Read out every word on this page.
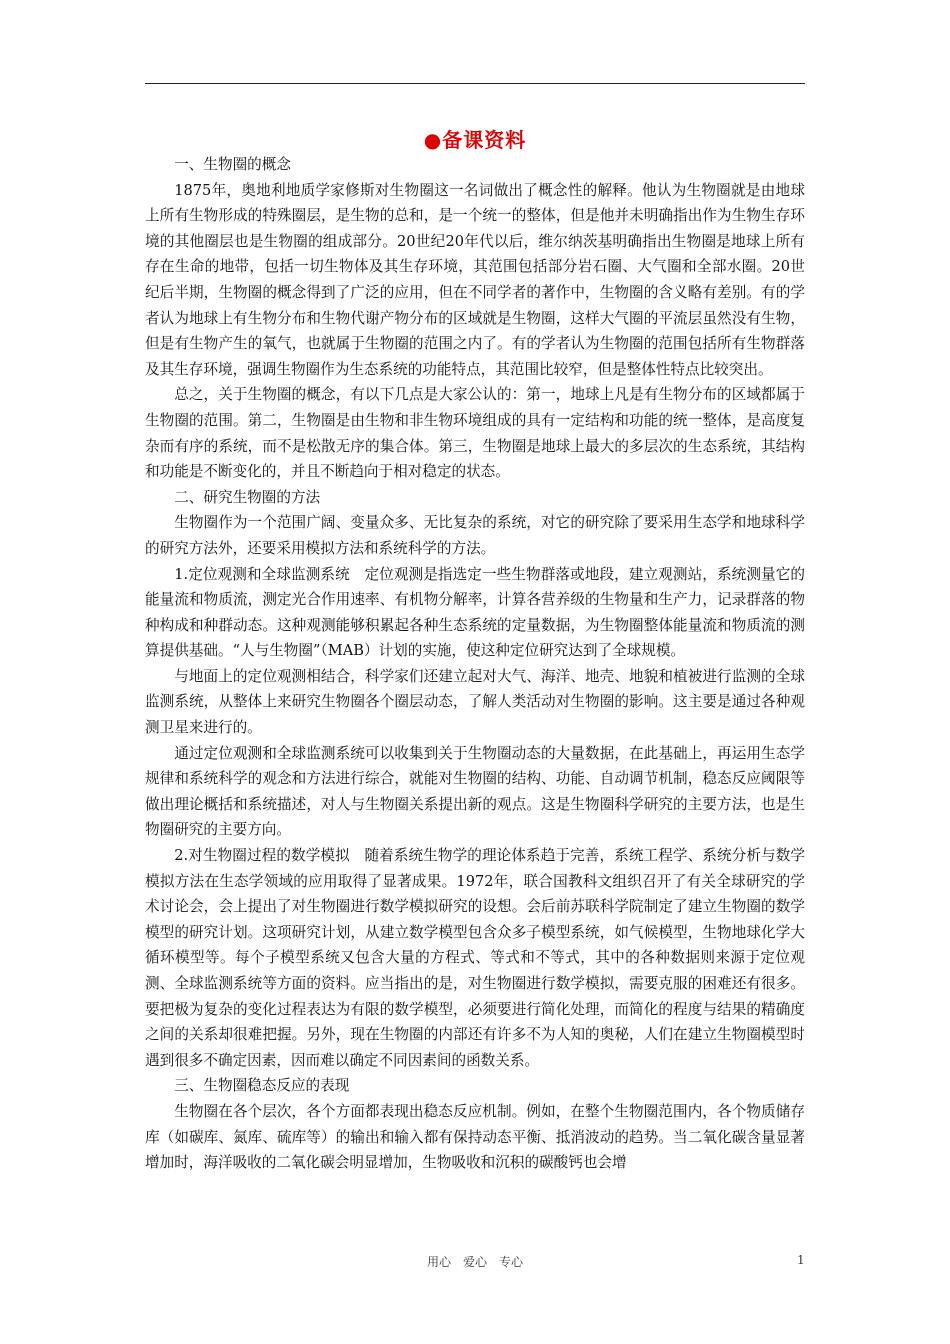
●备课资料
一、生物圈的概念

1875年，奥地利地质学家修斯对生物圈这一名词做出了概念性的解释。他认为生物圈就是由地球上所有生物形成的特殊圈层，是生物的总和，是一个统一的整体，但是他并未明确指出作为生物生存环境的其他圈层也是生物圈的组成部分。20世纪20年代以后，维尔纳茨基明确指出生物圈是地球上所有存在生命的地带，包括一切生物体及其生存环境，其范围包括部分岩石圈、大气圈和全部水圈。20世纪后半期，生物圈的概念得到了广泛的应用，但在不同学者的著作中，生物圈的含义略有差别。有的学者认为地球上有生物分布和生物代谢产物分布的区域就是生物圈，这样大气圈的平流层虽然没有生物，但是有生物产生的氧气，也就属于生物圈的范围之内了。有的学者认为生物圈的范围包括所有生物群落及其生存环境，强调生物圈作为生态系统的功能特点，其范围比较窄，但是整体性特点比较突出。

总之，关于生物圈的概念，有以下几点是大家公认的：第一，地球上凡是有生物分布的区域都属于生物圈的范围。第二，生物圈是由生物和非生物环境组成的具有一定结构和功能的统一整体，是高度复杂而有序的系统，而不是松散无序的集合体。第三，生物圈是地球上最大的多层次的生态系统，其结构和功能是不断变化的，并且不断趋向于相对稳定的状态。

二、研究生物圈的方法

生物圈作为一个范围广阔、变量众多、无比复杂的系统，对它的研究除了要采用生态学和地球科学的研究方法外，还要采用模拟方法和系统科学的方法。

1.定位观测和全球监测系统　定位观测是指选定一些生物群落或地段，建立观测站，系统测量它的能量流和物质流，测定光合作用速率、有机物分解率，计算各营养级的生物量和生产力，记录群落的物种构成和种群动态。这种观测能够积累起各种生态系统的定量数据，为生物圈整体能量流和物质流的测算提供基础。“人与生物圈”（MAB）计划的实施，使这种定位研究达到了全球规模。

与地面上的定位观测相结合，科学家们还建立起对大气、海洋、地壳、地貌和植被进行监测的全球监测系统，从整体上来研究生物圈各个圈层动态，了解人类活动对生物圈的影响。这主要是通过各种观测卫星来进行的。

通过定位观测和全球监测系统可以收集到关于生物圈动态的大量数据，在此基础上，再运用生态学规律和系统科学的观念和方法进行综合，就能对生物圈的结构、功能、自动调节机制，稳态反应阈限等做出理论概括和系统描述，对人与生物圈关系提出新的观点。这是生物圈科学研究的主要方法，也是生物圈研究的主要方向。

2.对生物圈过程的数学模拟　随着系统生物学的理论体系趋于完善，系统工程学、系统分析与数学模拟方法在生态学领域的应用取得了显著成果。1972年，联合国教科文组织召开了有关全球研究的学术讨论会，会上提出了对生物圈进行数学模拟研究的设想。会后前苏联科学院制定了建立生物圈的数学模型的研究计划。这项研究计划，从建立数学模型包含众多子模型系统，如气候模型，生物地球化学大循环模型等。每个子模型系统又包含大量的方程式、等式和不等式，其中的各种数据则来源于定位观测、全球监测系统等方面的资料。应当指出的是，对生物圈进行数学模拟，需要克服的困难还有很多。要把极为复杂的变化过程表达为有限的数学模型，必须要进行简化处理，而简化的程度与结果的精确度之间的关系却很难把握。另外，现在生物圈的内部还有许多不为人知的奥秘，人们在建立生物圈模型时遇到很多不确定因素，因而难以确定不同因素间的函数关系。

三、生物圈稳态反应的表现

生物圈在各个层次，各个方面都表现出稳态反应机制。例如，在整个生物圈范围内，各个物质储存库（如碳库、氮库、硫库等）的输出和输入都有保持动态平衡、抵消波动的趋势。当二氧化碳含量显著增加时，海洋吸收的二氧化碳会明显增加，生物吸收和沉积的碳酸钙也会增

用心　爱心　专心	1
